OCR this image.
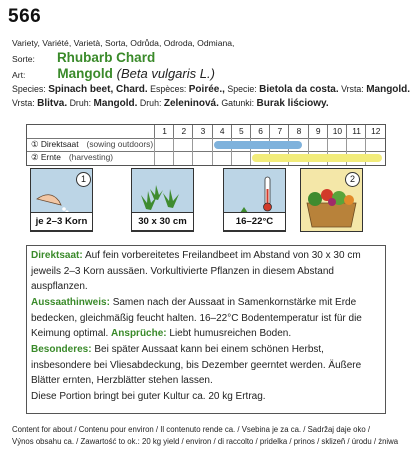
566
Variety, Variété, Varietà, Sorta, Odrůda, Odroda, Odmiana,
Sorte: Rhubarb Chard
Art: Mangold (Beta vulgaris L.)
Species: Spinach beet, Chard. Espèces: Poirée., Specie: Bietola da costa. Vrsta: Mangold.
Vrsta: Blitva. Druh: Mangold. Druh: Zeleninová. Gatunki: Burak liściowy.
1	2	3	4	5	6	7	8	9	10	11	12
① Direktsaat (sowing outdoors)
② Ernte (harvesting)
1
je 2–3 Korn	30 x 30 cm	16–22°C
2
Direktsaat: Auf fein vorbereitetes Freilandbeet im Abstand von 30 x 30 cm jeweils 2–3 Korn aussäen. Vorkultivierte Pflanzen in diesem Abstand auspflanzen.
Aussaathinweis: Samen nach der Aussaat in Samenkornstärke mit Erde bedecken, gleichmäßig feucht halten. 16–22°C Bodentemperatur ist für die Keimung optimal. Ansprüche: Liebt humusreichen Boden.
Besonderes: Bei später Aussaat kann bei einem schönen Herbst, insbesondere bei Vliesabdeckung, bis Dezember geerntet werden. Äußere Blätter ernten, Herzblätter stehen lassen.
Diese Portion bringt bei guter Kultur ca. 20 kg Ertrag.
Content for about / Contenu pour environ / Il contenuto rende ca. / Vsebina je za ca. / Sadržaj daje oko /
Výnos obsahu ca. / Zawartość to ok.: 20 kg yield / environ / di raccolto / pridelka / prinos / sklizeň / úrodu / żniwa
